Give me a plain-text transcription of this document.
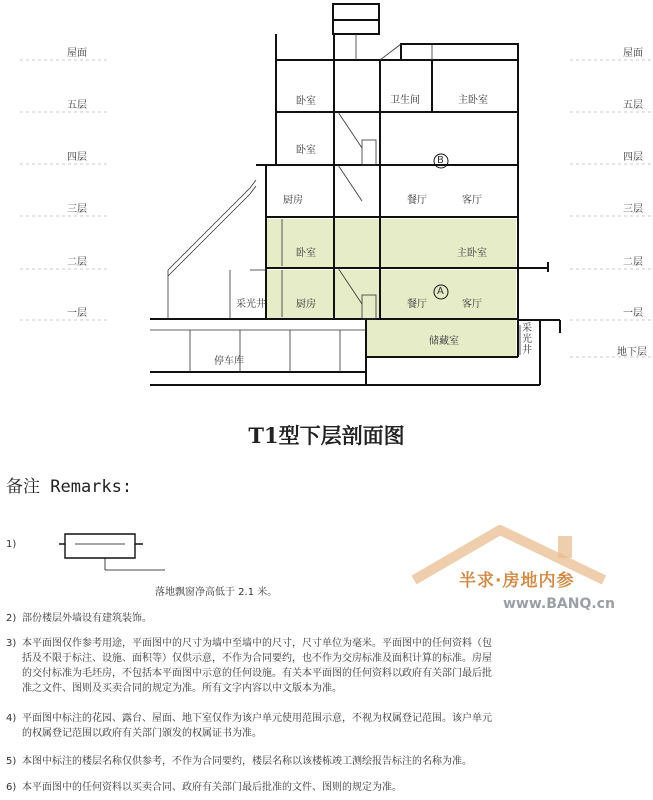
屋面
五层
四层
三层
二层
一层
屋面
五层
四层
三层
二层
一层
地下层
卧室	卫生间	主卧室
卧室
B
厨房	餐厅	客厅
卧室	主卧室
采光井	厨房	餐厅
A
客厅
储藏室
停车库
采光井
T1型下层剖面图
备注 Remarks:
1)
落地飘窗净高低于 2.1 米。
2) 部份楼层外墙设有建筑装饰。
3) 本平面图仅作参考用途，平面图中的尺寸为墙中至墙中的尺寸，尺寸单位为毫米。平面图中的任何资料（包
括及不限于标注、设施、面积等）仅供示意，不作为合同要约，也不作为交房标准及面积计算的标准。房屋
的交付标准为毛坯房，不包括本平面图中示意的任何设施。有关本平面图的任何资料以政府有关部门最后批
准之文件、图则及买卖合同的规定为准。所有文字内容以中文版本为准。
4) 平面图中标注的花园、露台、屋面、地下室仅作为该户单元使用范围示意，不视为权属登记范围。该户单元
的权属登记范围以政府有关部门颁发的权属证书为准。
5) 本图中标注的楼层名称仅供参考，不作为合同要约，楼层名称以该楼栋竣工测绘报告标注的名称为准。
6) 本平面图中的任何资料以买卖合同、政府有关部门最后批准的文件、图则的规定为准。
半求·房地内参
www.BANQ.cn
